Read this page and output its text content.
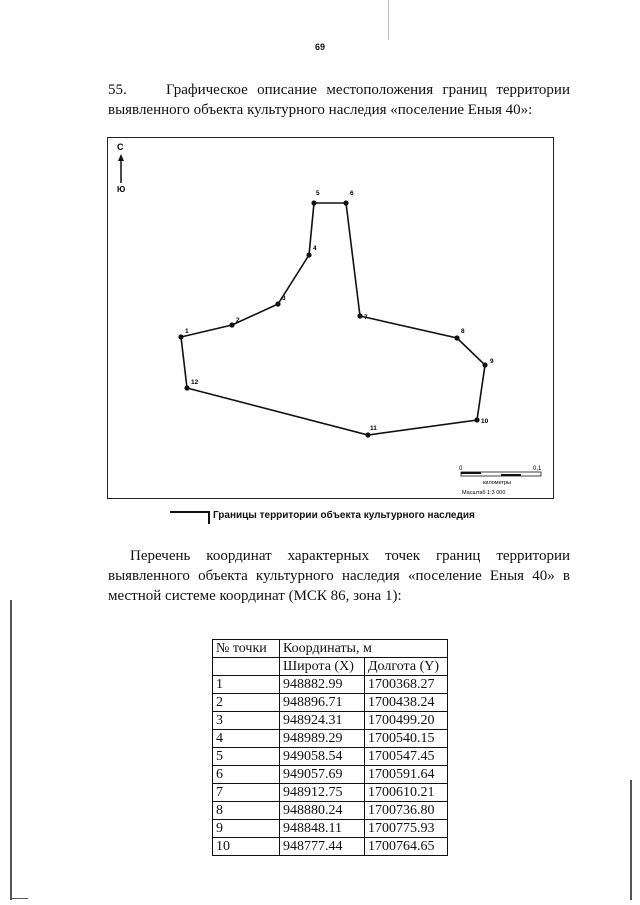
69
55.	Графическое описание местоположения границ территории выявленного объекта культурного наследия «поселение Еныя 40»:
С
Ю
1
2
3
4
5	6
7
8
9
10
11
12
0	0,1
километры
Масштаб 1:3 000
Границы территории объекта культурного наследия
Перечень координат характерных точек границ территории выявленного объекта культурного наследия «поселение Еныя 40» в местной системе координат (МСК 86, зона 1):
№ точки	Координаты, м	
	Широта (X)	Долгота (Y)
1	948882.99	1700368.27
2	948896.71	1700438.24
3	948924.31	1700499.20
4	948989.29	1700540.15
5	949058.54	1700547.45
6	949057.69	1700591.64
7	948912.75	1700610.21
8	948880.24	1700736.80
9	948848.11	1700775.93
10	948777.44	1700764.65
